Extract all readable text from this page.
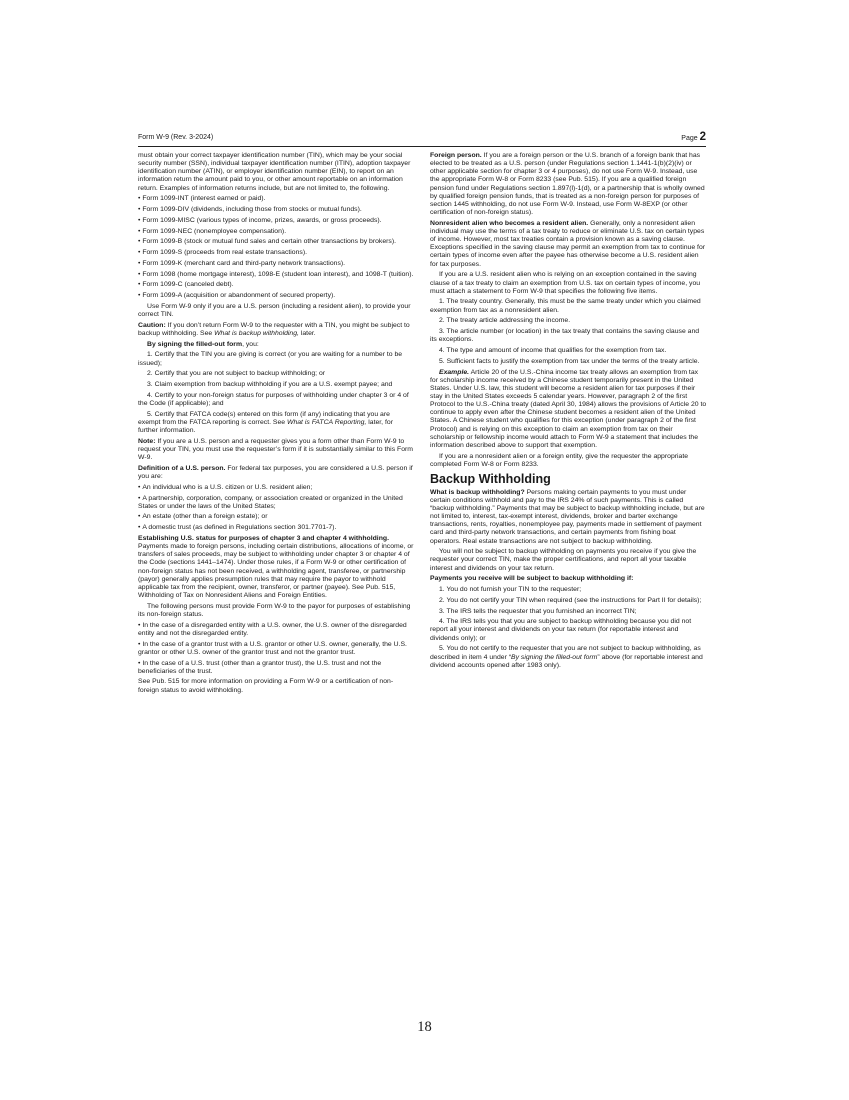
Form W-9 (Rev. 3-2024)	Page 2

must obtain your correct taxpayer identification number (TIN), which may be your social security number (SSN), individual taxpayer identification number (ITIN), adoption taxpayer identification number (ATIN), or employer identification number (EIN), to report on an information return the amount paid to you, or other amount reportable on an information return. Examples of information returns include, but are not limited to, the following.

• Form 1099-INT (interest earned or paid).

• Form 1099-DIV (dividends, including those from stocks or mutual funds).

• Form 1099-MISC (various types of income, prizes, awards, or gross proceeds).

• Form 1099-NEC (nonemployee compensation).

• Form 1099-B (stock or mutual fund sales and certain other transactions by brokers).

• Form 1099-S (proceeds from real estate transactions).

• Form 1099-K (merchant card and third-party network transactions).

• Form 1098 (home mortgage interest), 1098-E (student loan interest), and 1098-T (tuition).

• Form 1099-C (canceled debt).

• Form 1099-A (acquisition or abandonment of secured property).

Use Form W-9 only if you are a U.S. person (including a resident alien), to provide your correct TIN.

Caution: If you don’t return Form W-9 to the requester with a TIN, you might be subject to backup withholding. See What is backup withholding, later.

By signing the filled-out form, you:

1. Certify that the TIN you are giving is correct (or you are waiting for a number to be issued);

2. Certify that you are not subject to backup withholding; or

3. Claim exemption from backup withholding if you are a U.S. exempt payee; and

4. Certify to your non-foreign status for purposes of withholding under chapter 3 or 4 of the Code (if applicable); and

5. Certify that FATCA code(s) entered on this form (if any) indicating that you are exempt from the FATCA reporting is correct. See What is FATCA Reporting, later, for further information.

Note: If you are a U.S. person and a requester gives you a form other than Form W-9 to request your TIN, you must use the requester’s form if it is substantially similar to this Form W-9.

Definition of a U.S. person. For federal tax purposes, you are considered a U.S. person if you are:

• An individual who is a U.S. citizen or U.S. resident alien;

• A partnership, corporation, company, or association created or organized in the United States or under the laws of the United States;

• An estate (other than a foreign estate); or

• A domestic trust (as defined in Regulations section 301.7701-7).

Establishing U.S. status for purposes of chapter 3 and chapter 4 withholding. Payments made to foreign persons, including certain distributions, allocations of income, or transfers of sales proceeds, may be subject to withholding under chapter 3 or chapter 4 of the Code (sections 1441–1474). Under those rules, if a Form W-9 or other certification of non-foreign status has not been received, a withholding agent, transferee, or partnership (payor) generally applies presumption rules that may require the payor to withhold applicable tax from the recipient, owner, transferor, or partner (payee). See Pub. 515, Withholding of Tax on Nonresident Aliens and Foreign Entities.

The following persons must provide Form W-9 to the payor for purposes of establishing its non-foreign status.

• In the case of a disregarded entity with a U.S. owner, the U.S. owner of the disregarded entity and not the disregarded entity.

• In the case of a grantor trust with a U.S. grantor or other U.S. owner, generally, the U.S. grantor or other U.S. owner of the grantor trust and not the grantor trust.

• In the case of a U.S. trust (other than a grantor trust), the U.S. trust and not the beneficiaries of the trust.

See Pub. 515 for more information on providing a Form W-9 or a certification of non-foreign status to avoid withholding.

Foreign person. If you are a foreign person or the U.S. branch of a foreign bank that has elected to be treated as a U.S. person (under Regulations section 1.1441-1(b)(2)(iv) or other applicable section for chapter 3 or 4 purposes), do not use Form W-9. Instead, use the appropriate Form W-8 or Form 8233 (see Pub. 515). If you are a qualified foreign pension fund under Regulations section 1.897(l)-1(d), or a partnership that is wholly owned by qualified foreign pension funds, that is treated as a non-foreign person for purposes of section 1445 withholding, do not use Form W-9. Instead, use Form W-8EXP (or other certification of non-foreign status).

Nonresident alien who becomes a resident alien. Generally, only a nonresident alien individual may use the terms of a tax treaty to reduce or eliminate U.S. tax on certain types of income. However, most tax treaties contain a provision known as a saving clause. Exceptions specified in the saving clause may permit an exemption from tax to continue for certain types of income even after the payee has otherwise become a U.S. resident alien for tax purposes.

If you are a U.S. resident alien who is relying on an exception contained in the saving clause of a tax treaty to claim an exemption from U.S. tax on certain types of income, you must attach a statement to Form W-9 that specifies the following five items.

1. The treaty country. Generally, this must be the same treaty under which you claimed exemption from tax as a nonresident alien.

2. The treaty article addressing the income.

3. The article number (or location) in the tax treaty that contains the saving clause and its exceptions.

4. The type and amount of income that qualifies for the exemption from tax.

5. Sufficient facts to justify the exemption from tax under the terms of the treaty article.

Example. Article 20 of the U.S.-China income tax treaty allows an exemption from tax for scholarship income received by a Chinese student temporarily present in the United States. Under U.S. law, this student will become a resident alien for tax purposes if their stay in the United States exceeds 5 calendar years. However, paragraph 2 of the first Protocol to the U.S.-China treaty (dated April 30, 1984) allows the provisions of Article 20 to continue to apply even after the Chinese student becomes a resident alien of the United States. A Chinese student who qualifies for this exception (under paragraph 2 of the first Protocol) and is relying on this exception to claim an exemption from tax on their scholarship or fellowship income would attach to Form W-9 a statement that includes the information described above to support that exemption.

If you are a nonresident alien or a foreign entity, give the requester the appropriate completed Form W-8 or Form 8233.

Backup Withholding

What is backup withholding? Persons making certain payments to you must under certain conditions withhold and pay to the IRS 24% of such payments. This is called “backup withholding.” Payments that may be subject to backup withholding include, but are not limited to, interest, tax-exempt interest, dividends, broker and barter exchange transactions, rents, royalties, nonemployee pay, payments made in settlement of payment card and third-party network transactions, and certain payments from fishing boat operators. Real estate transactions are not subject to backup withholding.

You will not be subject to backup withholding on payments you receive if you give the requester your correct TIN, make the proper certifications, and report all your taxable interest and dividends on your tax return.

Payments you receive will be subject to backup withholding if:

1. You do not furnish your TIN to the requester;

2. You do not certify your TIN when required (see the instructions for Part II for details);

3. The IRS tells the requester that you furnished an incorrect TIN;

4. The IRS tells you that you are subject to backup withholding because you did not report all your interest and dividends on your tax return (for reportable interest and dividends only); or

5. You do not certify to the requester that you are not subject to backup withholding, as described in item 4 under “By signing the filled-out form” above (for reportable interest and dividend accounts opened after 1983 only).

18
